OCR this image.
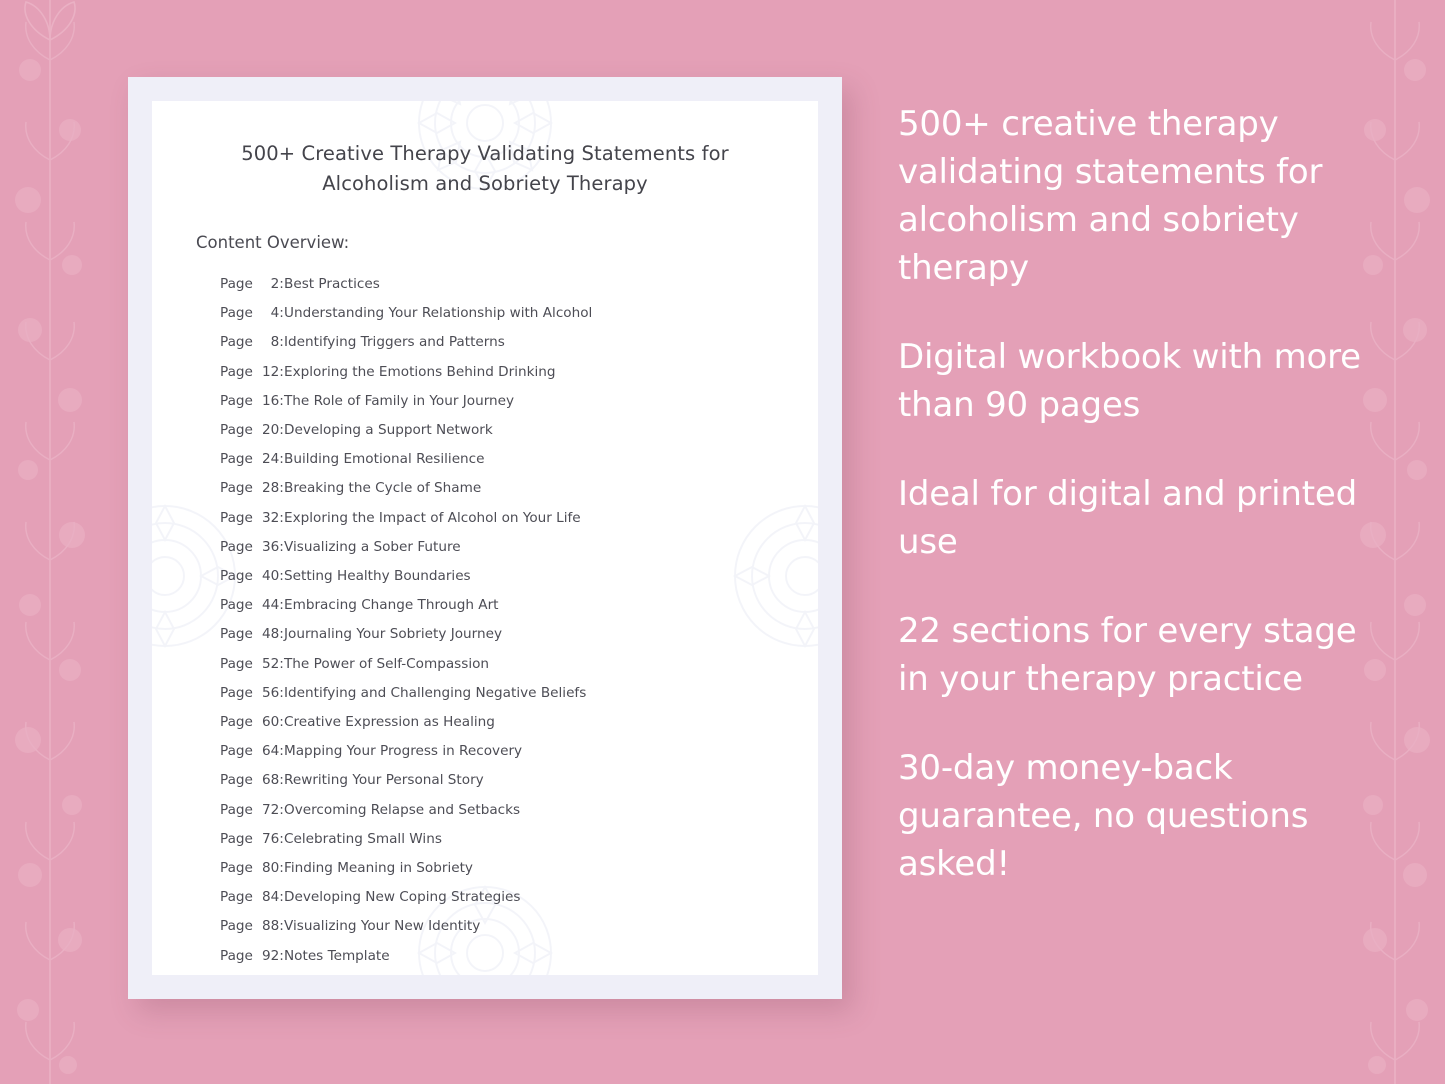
500+ Creative Therapy Validating Statements for Alcoholism and Sobriety Therapy
Content Overview:
Page 2: Best Practices
Page 4: Understanding Your Relationship with Alcohol
Page 8: Identifying Triggers and Patterns
Page 12: Exploring the Emotions Behind Drinking
Page 16: The Role of Family in Your Journey
Page 20: Developing a Support Network
Page 24: Building Emotional Resilience
Page 28: Breaking the Cycle of Shame
Page 32: Exploring the Impact of Alcohol on Your Life
Page 36: Visualizing a Sober Future
Page 40: Setting Healthy Boundaries
Page 44: Embracing Change Through Art
Page 48: Journaling Your Sobriety Journey
Page 52: The Power of Self-Compassion
Page 56: Identifying and Challenging Negative Beliefs
Page 60: Creative Expression as Healing
Page 64: Mapping Your Progress in Recovery
Page 68: Rewriting Your Personal Story
Page 72: Overcoming Relapse and Setbacks
Page 76: Celebrating Small Wins
Page 80: Finding Meaning in Sobriety
Page 84: Developing New Coping Strategies
Page 88: Visualizing Your New Identity
Page 92: Notes Template
500+ creative therapy validating statements for alcoholism and sobriety therapy
Digital workbook with more than 90 pages
Ideal for digital and printed use
22 sections for every stage in your therapy practice
30-day money-back guarantee, no questions asked!
